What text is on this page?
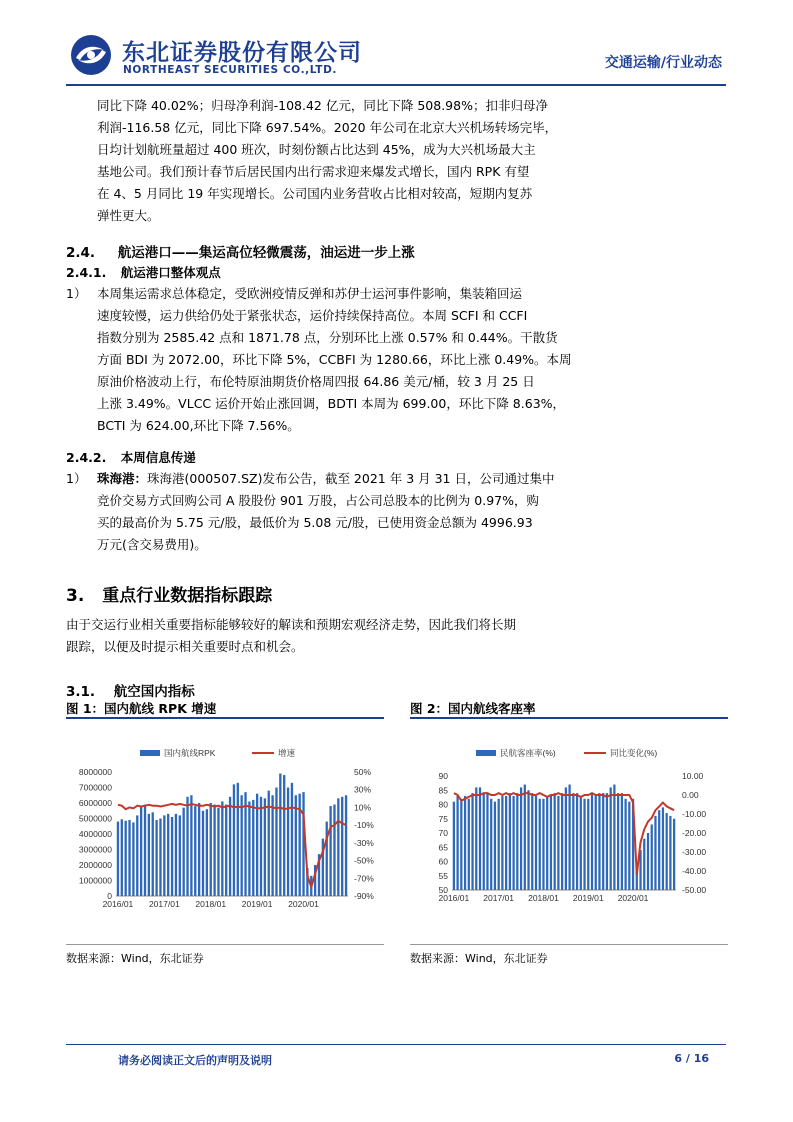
东北证券股份有限公司
NORTHEAST SECURITIES CO.,LTD.	交通运输/行业动态
同比下降 40.02%；归母净利润-108.42 亿元，同比下降 508.98%；扣非归母净
利润-116.58 亿元，同比下降 697.54%。2020 年公司在北京大兴机场转场完毕，
日均计划航班量超过 400 班次，时刻份额占比达到 45%，成为大兴机场最大主
基地公司。我们预计春节后居民国内出行需求迎来爆发式增长，国内 RPK 有望
在 4、5 月同比 19 年实现增长。公司国内业务营收占比相对较高，短期内复苏
弹性更大。
2.4. 航运港口——集运高位轻微震荡，油运进一步上涨
2.4.1. 航运港口整体观点
1） 本周集运需求总体稳定，受欧洲疫情反弹和苏伊士运河事件影响，集装箱回运
速度较慢，运力供给仍处于紧张状态，运价持续保持高位。本周 SCFI 和 CCFI
指数分别为 2585.42 点和 1871.78 点，分别环比上涨 0.57% 和 0.44%。干散货
方面 BDI 为 2072.00，环比下降 5%，CCBFI 为 1280.66，环比上涨 0.49%。本周
原油价格波动上行，布伦特原油期货价格周四报 64.86 美元/桶，较 3 月 25 日
上涨 3.49%。VLCC 运价开始止涨回调，BDTI 本周为 699.00，环比下降 8.63%，
BCTI 为 624.00,环比下降 7.56%。
2.4.2. 本周信息传递
1） 珠海港：珠海港(000507.SZ)发布公告，截至 2021 年 3 月 31 日，公司通过集中
竞价交易方式回购公司 A 股股份 901 万股，占公司总股本的比例为 0.97%，购
买的最高价为 5.75 元/股，最低价为 5.08 元/股，已使用资金总额为 4996.93
万元(含交易费用)。
3. 重点行业数据指标跟踪
由于交运行业相关重要指标能够较好的解读和预期宏观经济走势，因此我们将长期
跟踪，以便及时提示相关重要时点和机会。
3.1. 航空国内指标
图 1：国内航线 RPK 增速	图 2：国内航线客座率
国内航线RPK	增速
8000000
7000000
6000000
5000000
4000000
3000000
2000000
1000000
0
50%
30%
10%
-10%
-30%
-50%
-70%
-90%
2016/01 2017/01 2018/01 2019/01 2020/01
民航客座率(%)	同比变化(%)
90
85
80
75
70
65
60
55
50
10.00
0.00
-10.00
-20.00
-30.00
-40.00
-50.00
2016/01 2017/01 2018/01 2019/01 2020/01
数据来源：Wind，东北证券	数据来源：Wind，东北证券
请务必阅读正文后的声明及说明	6 / 16
